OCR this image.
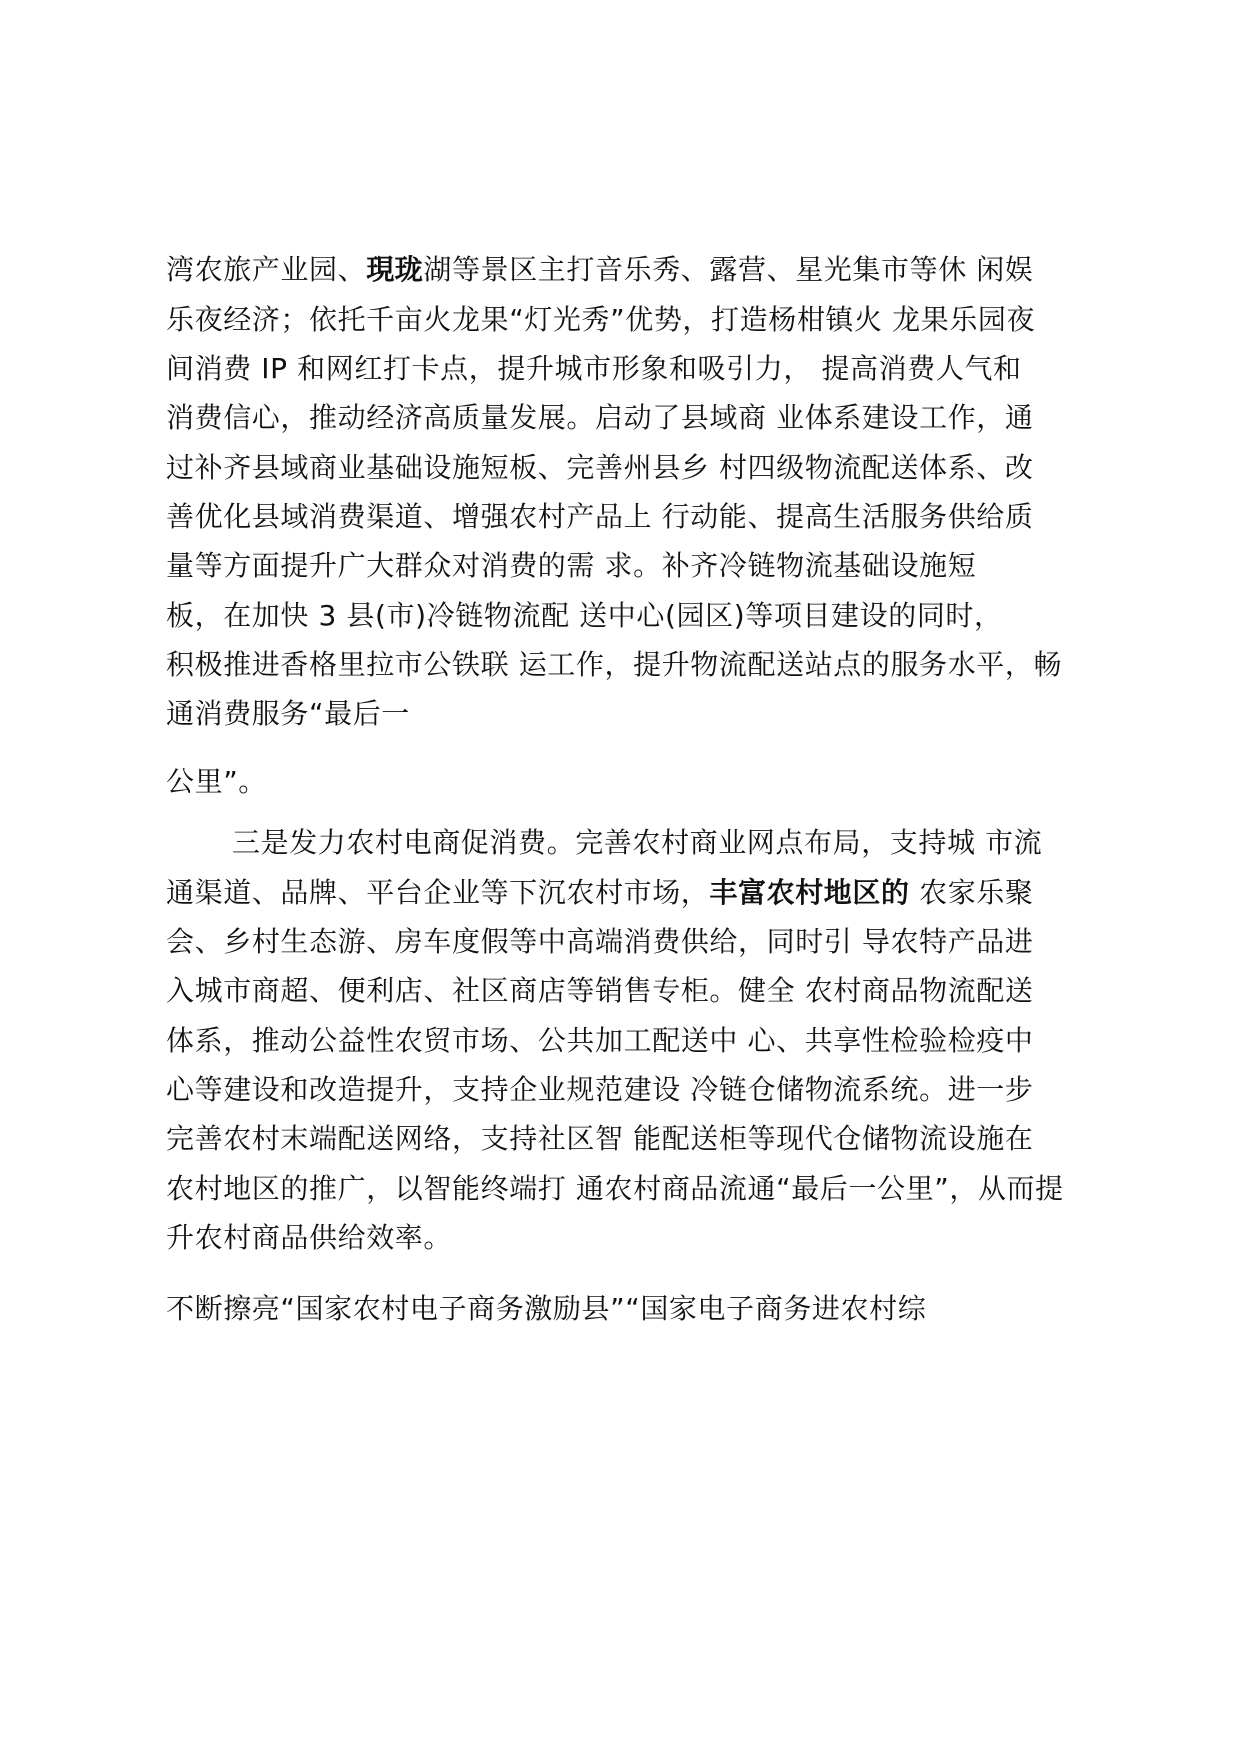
湾农旅产业园、現珑湖等景区主打音乐秀、露营、星光集市等休 闲娱
乐夜经济；依托千亩火龙果“灯光秀”优势，打造杨柑镇火 龙果乐园夜
间消费 IP 和网红打卡点，提升城市形象和吸引力， 提高消费人气和
消费信心，推动经济高质量发展。启动了县域商 业体系建设工作，通
过补齐县域商业基础设施短板、完善州县乡 村四级物流配送体系、改
善优化县域消费渠道、增强农村产品上 行动能、提高生活服务供给质
量等方面提升广大群众对消费的需 求。补齐冷链物流基础设施短
板，在加快 3 县(市)冷链物流配 送中心(园区)等项目建设的同时，
积极推进香格里拉市公铁联 运工作，提升物流配送站点的服务水平，畅
通消费服务“最后一
公里”。
三是发力农村电商促消费。完善农村商业网点布局，支持城 市流
通渠道、品牌、平台企业等下沉农村市场，丰富农村地区的 农家乐聚
会、乡村生态游、房车度假等中高端消费供给，同时引 导农特产品进
入城市商超、便利店、社区商店等销售专柜。健全 农村商品物流配送
体系，推动公益性农贸市场、公共加工配送中 心、共享性检验检疫中
心等建设和改造提升，支持企业规范建设 冷链仓储物流系统。进一步
完善农村末端配送网络，支持社区智 能配送柜等现代仓储物流设施在
农村地区的推广，以智能终端打 通农村商品流通“最后一公里”，从而提
升农村商品供给效率。
不断擦亮“国家农村电子商务激励县”“国家电子商务进农村综
